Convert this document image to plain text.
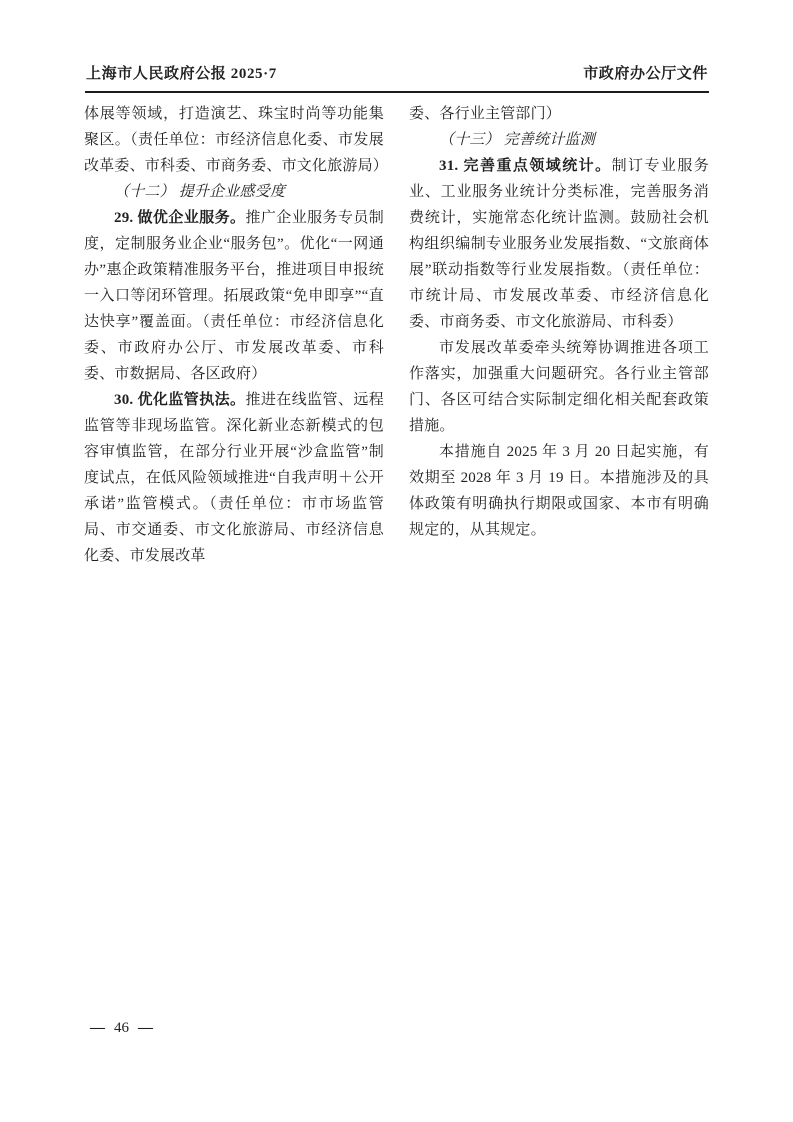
上海市人民政府公报 2025·7	市政府办公厅文件

体展等领域，打造演艺、珠宝时尚等功能集聚区。（责任单位：市经济信息化委、市发展改革委、市科委、市商务委、市文化旅游局）

（十二） 提升企业感受度

29. 做优企业服务。推广企业服务专员制度，定制服务业企业“服务包”。优化“一网通办”惠企政策精准服务平台，推进项目申报统一入口等闭环管理。拓展政策“免申即享”“直达快享”覆盖面。（责任单位：市经济信息化委、市政府办公厅、市发展改革委、市科委、市数据局、各区政府）

30. 优化监管执法。推进在线监管、远程监管等非现场监管。深化新业态新模式的包容审慎监管，在部分行业开展“沙盒监管”制度试点，在低风险领域推进“自我声明＋公开承诺”监管模式。（责任单位：市市场监管局、市交通委、市文化旅游局、市经济信息化委、市发展改革

委、各行业主管部门）

（十三） 完善统计监测

31. 完善重点领域统计。制订专业服务业、工业服务业统计分类标准，完善服务消费统计，实施常态化统计监测。鼓励社会机构组织编制专业服务业发展指数、“文旅商体展”联动指数等行业发展指数。（责任单位：市统计局、市发展改革委、市经济信息化委、市商务委、市文化旅游局、市科委）

市发展改革委牵头统筹协调推进各项工作落实，加强重大问题研究。各行业主管部门、各区可结合实际制定细化相关配套政策措施。

本措施自 2025 年 3 月 20 日起实施，有效期至 2028 年 3 月 19 日。本措施涉及的具体政策有明确执行期限或国家、本市有明确规定的，从其规定。

— 46 —
